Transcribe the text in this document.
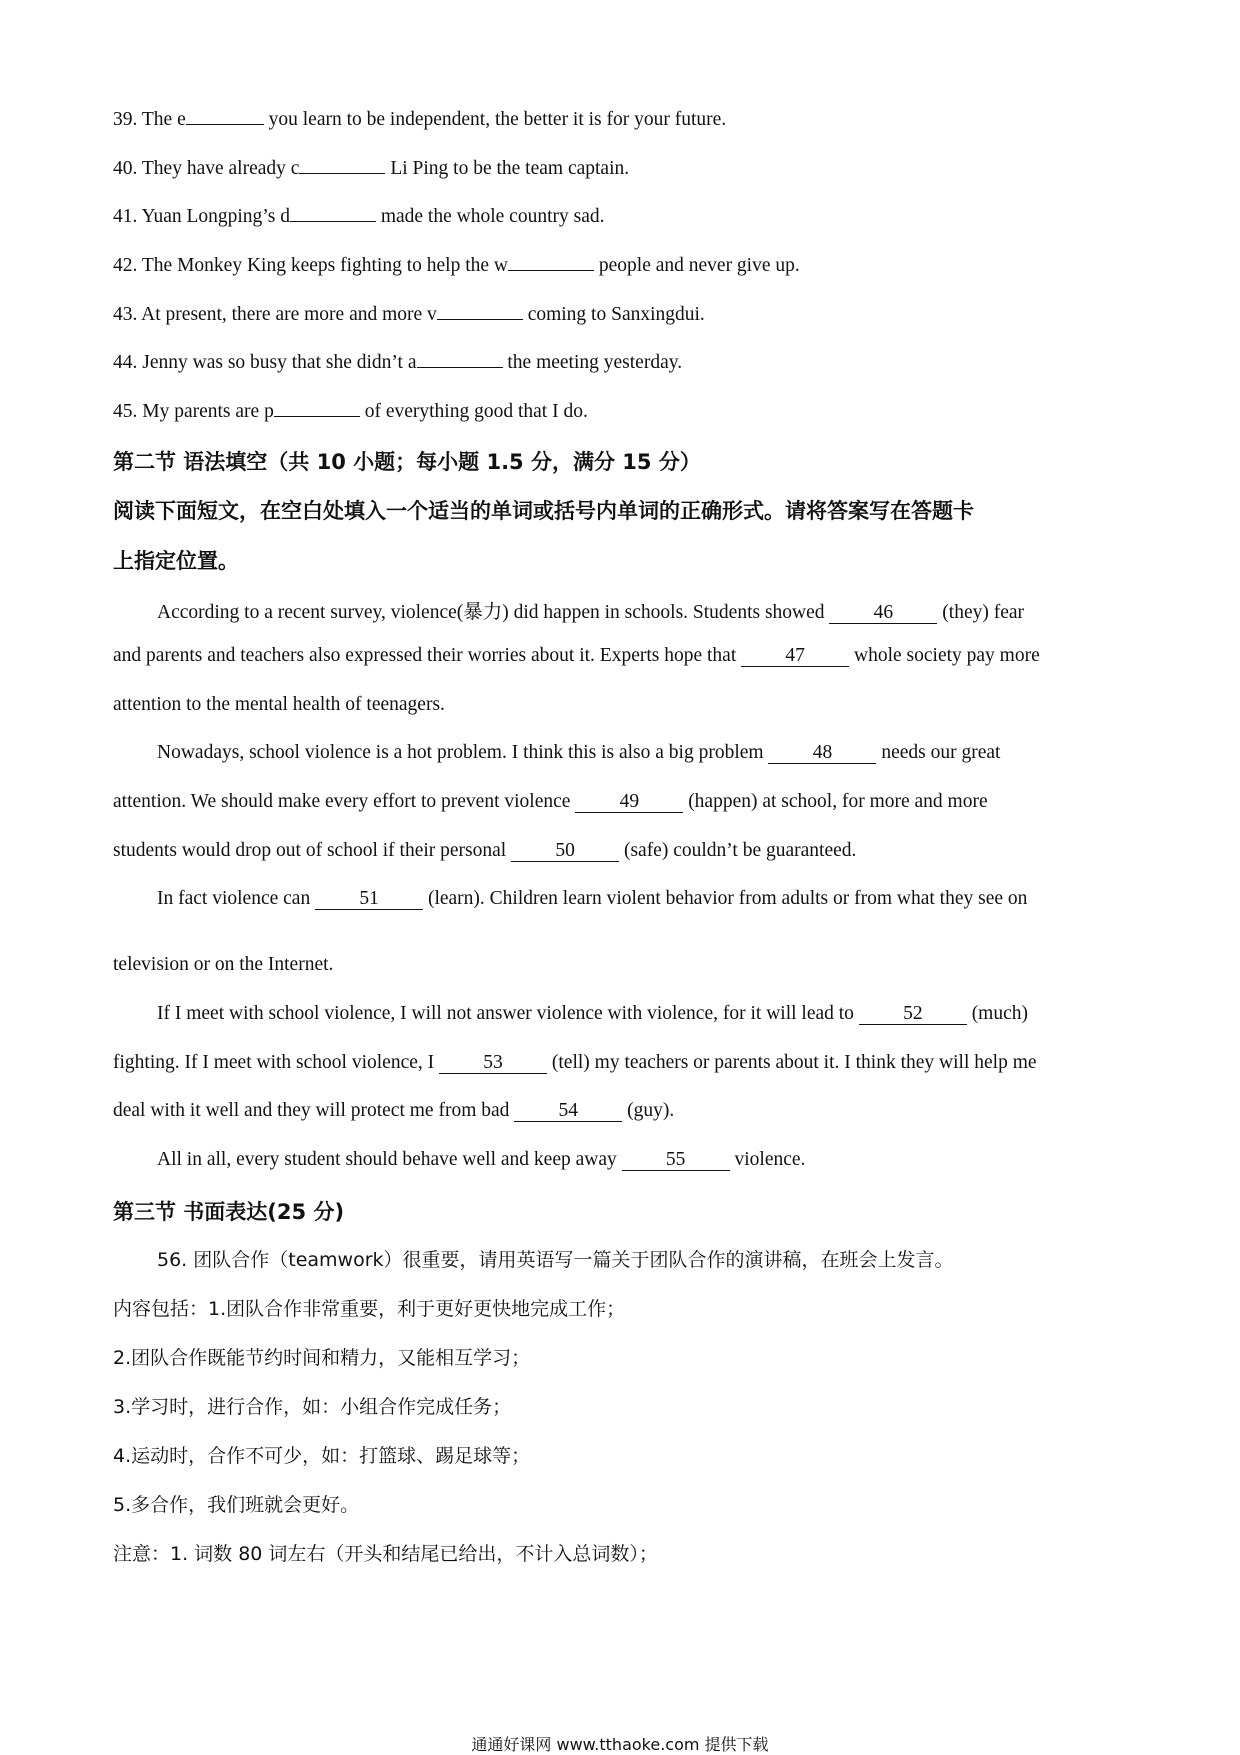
39. The e	you learn to be independent, the better it is for your future.
40. They have already c	Li Ping to be the team captain.
41. Yuan Longping’s d	made the whole country sad.
42. The Monkey King keeps fighting to help the w	people and never give up.
43. At present, there are more and more v	coming to Sanxingdui.
44. Jenny was so busy that she didn’t a	the meeting yesterday.
45. My parents are p	of everything good that I do.
第二节 语法填空（共 10 小题；每小题 1.5 分，满分 15 分）
阅读下面短文，在空白处填入一个适当的单词或括号内单词的正确形式。请将答案写在答题卡
上指定位置。
According to a recent survey, violence(暴力) did happen in schools. Students showed 46 (they) fear
and parents and teachers also expressed their worries about it. Experts hope that 47 whole society pay more
attention to the mental health of teenagers.
Nowadays, school violence is a hot problem. I think this is also a big problem 48 needs our great
attention. We should make every effort to prevent violence 49 (happen) at school, for more and more
students would drop out of school if their personal 50 (safe) couldn’t be guaranteed.
In fact violence can 51 (learn). Children learn violent behavior from adults or from what they see on
television or on the Internet.
If I meet with school violence, I will not answer violence with violence, for it will lead to 52 (much)
fighting. If I meet with school violence, I 53 (tell) my teachers or parents about it. I think they will help me
deal with it well and they will protect me from bad 54 (guy).
All in all, every student should behave well and keep away 55 violence.
第三节 书面表达(25 分)
56. 团队合作（teamwork）很重要，请用英语写一篇关于团队合作的演讲稿，在班会上发言。
内容包括：1.团队合作非常重要，利于更好更快地完成工作；
2.团队合作既能节约时间和精力，又能相互学习；
3.学习时，进行合作，如：小组合作完成任务；
4.运动时，合作不可少，如：打篮球、踢足球等；
5.多合作，我们班就会更好。
注意：1. 词数 80 词左右（开头和结尾已给出，不计入总词数）；
通通好课网 www.tthaoke.com 提供下载
